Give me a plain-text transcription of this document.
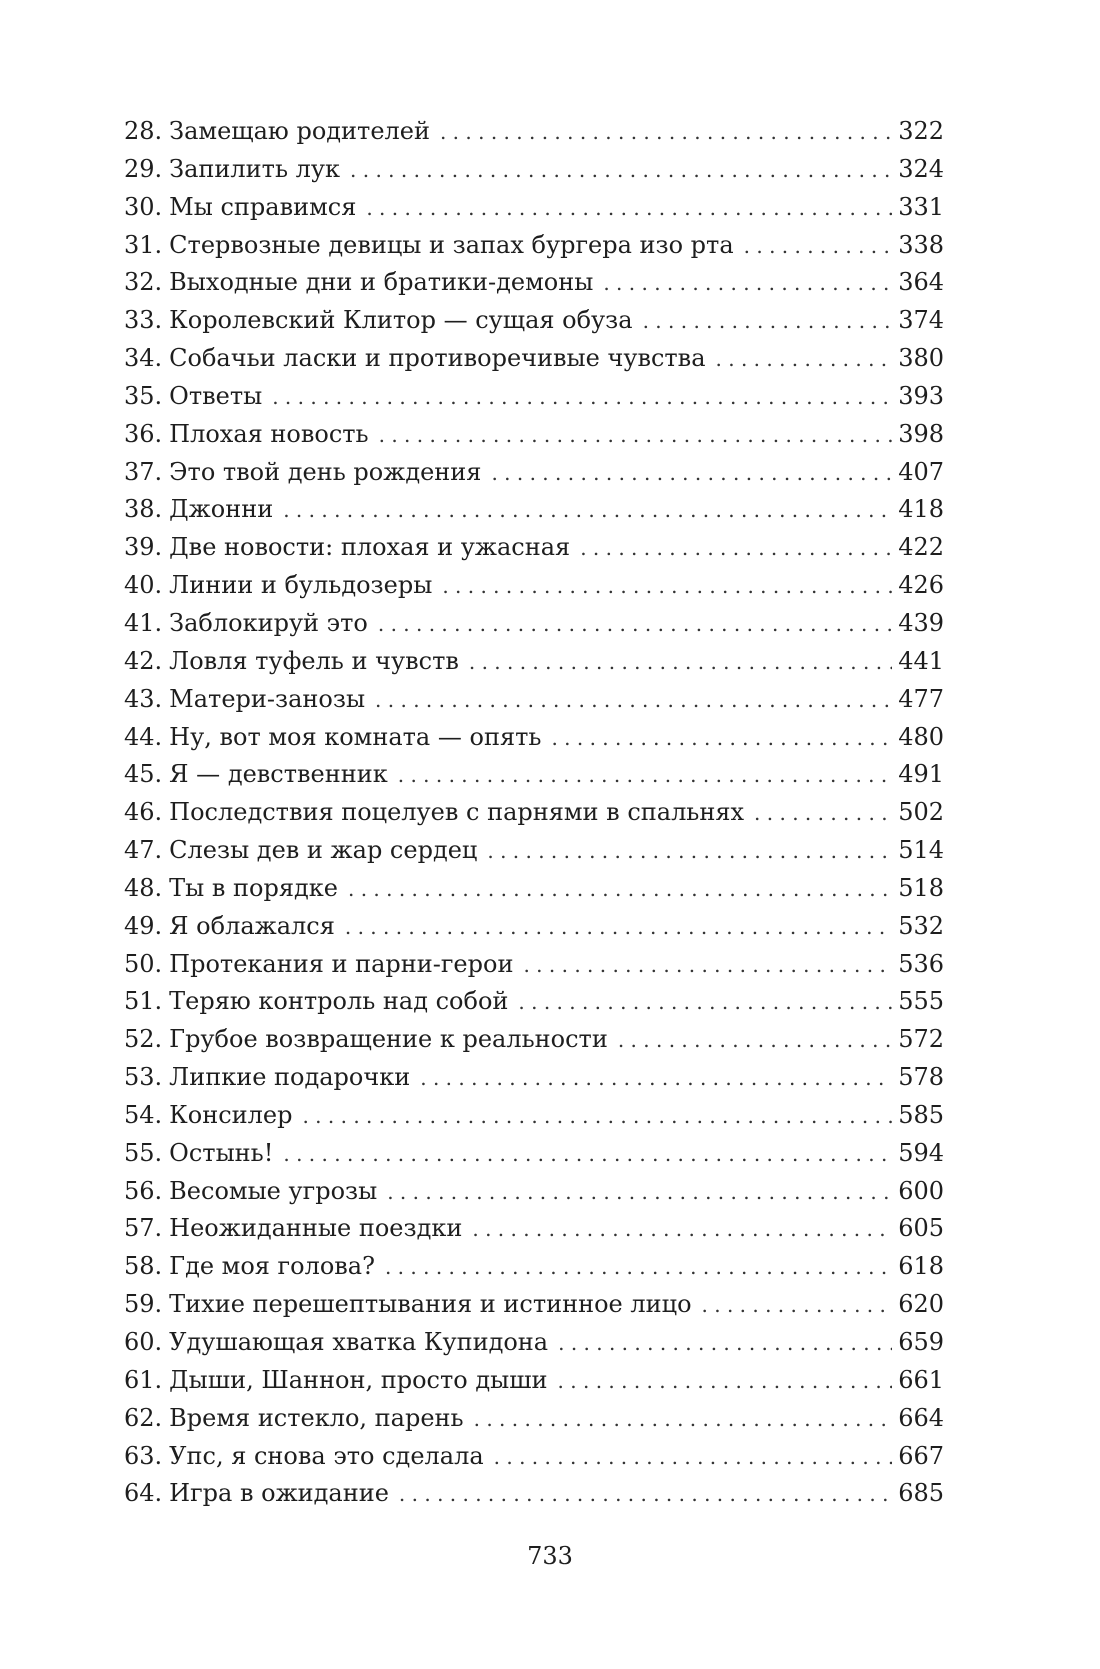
28. Замещаю родителей . . .	322
29. Запилить лук . . .	324
30. Мы справимся . . .	331
31. Стервозные девицы и запах бургера изо рта . . .	338
32. Выходные дни и братики-демоны . . .	364
33. Королевский Клитор — сущая обуза . . .	374
34. Собачьи ласки и противоречивые чувства . . .	380
35. Ответы . . .	393
36. Плохая новость . . .	398
37. Это твой день рождения . . .	407
38. Джонни . . .	418
39. Две новости: плохая и ужасная . . .	422
40. Линии и бульдозеры . . .	426
41. Заблокируй это . . .	439
42. Ловля туфель и чувств . . .	441
43. Матери-занозы . . .	477
44. Ну, вот моя комната — опять . . .	480
45. Я — девственник . . .	491
46. Последствия поцелуев с парнями в спальнях . . .	502
47. Слезы дев и жар сердец . . .	514
48. Ты в порядке . . .	518
49. Я облажался . . .	532
50. Протекания и парни-герои . . .	536
51. Теряю контроль над собой . . .	555
52. Грубое возвращение к реальности . . .	572
53. Липкие подарочки . . .	578
54. Консилер . . .	585
55. Остынь! . . .	594
56. Весомые угрозы . . .	600
57. Неожиданные поездки . . .	605
58. Где моя голова? . . .	618
59. Тихие перешептывания и истинное лицо . . .	620
60. Удушающая хватка Купидона . . .	659
61. Дыши, Шаннон, просто дыши . . .	661
62. Время истекло, парень . . .	664
63. Упс, я снова это сделала . . .	667
64. Игра в ожидание . . .	685
733
